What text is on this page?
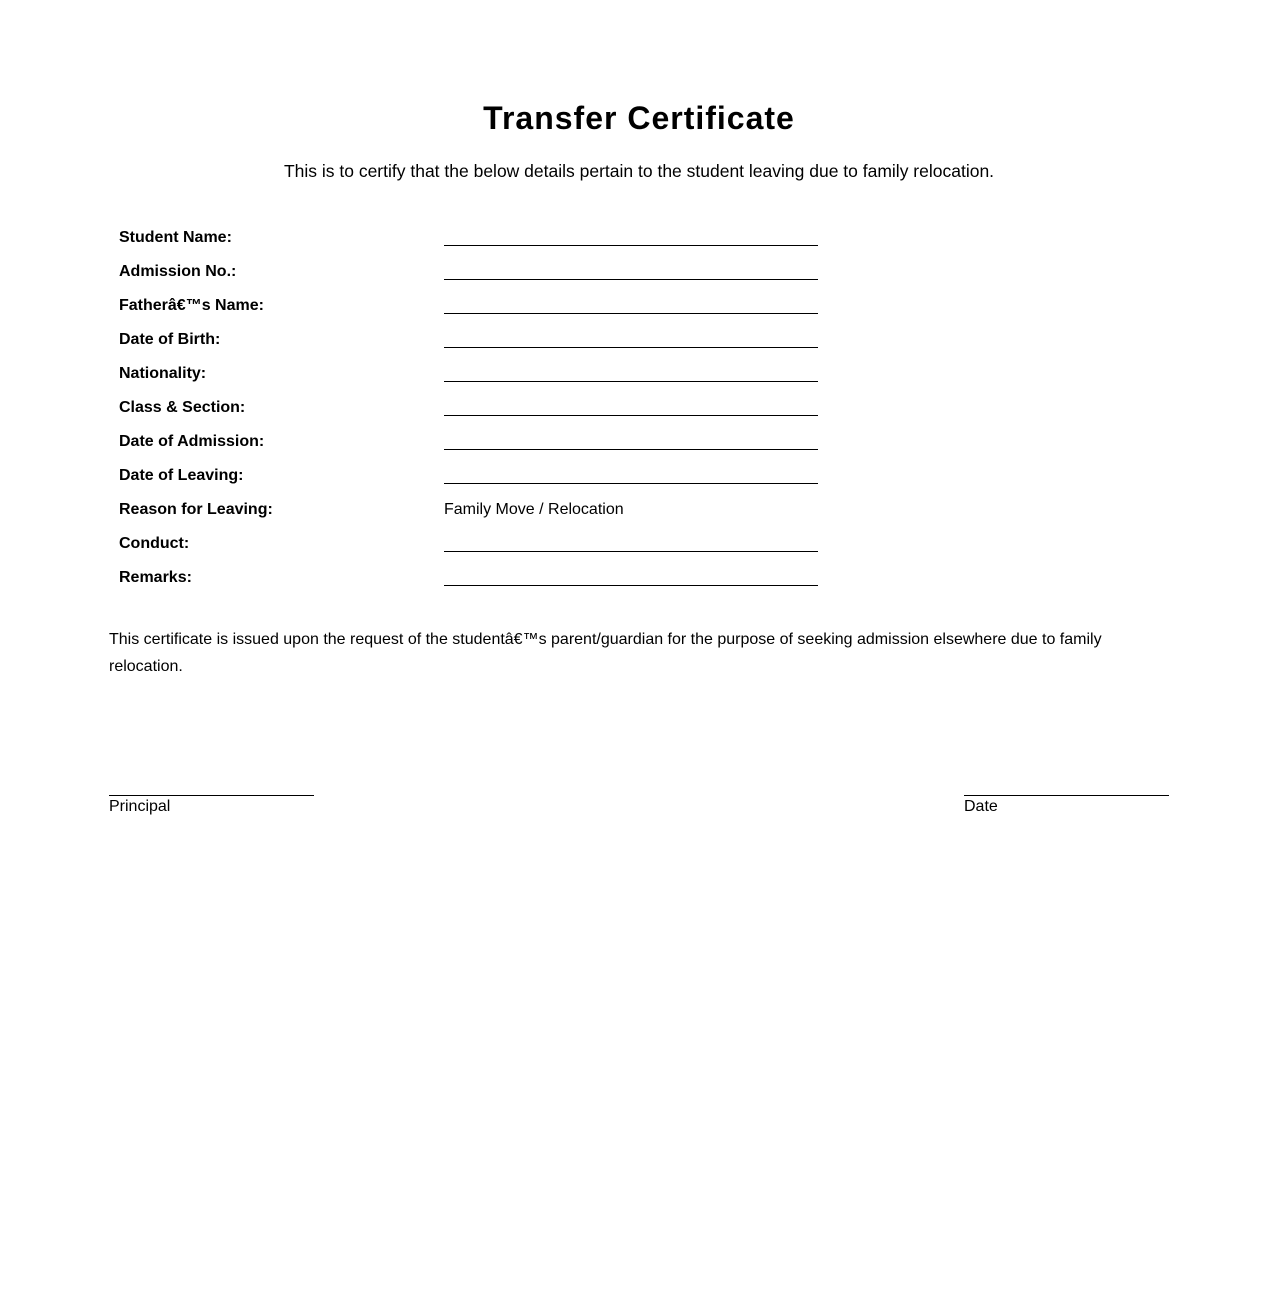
Transfer Certificate

This is to certify that the below details pertain to the student leaving due to family relocation.

Student Name:
Admission No.:
Fatherâ€™s Name:
Date of Birth:
Nationality:
Class & Section:
Date of Admission:
Date of Leaving:
Reason for Leaving:	Family Move / Relocation
Conduct:
Remarks:

This certificate is issued upon the request of the studentâ€™s parent/guardian for the purpose of seeking admission elsewhere due to family relocation.

Principal	Date
